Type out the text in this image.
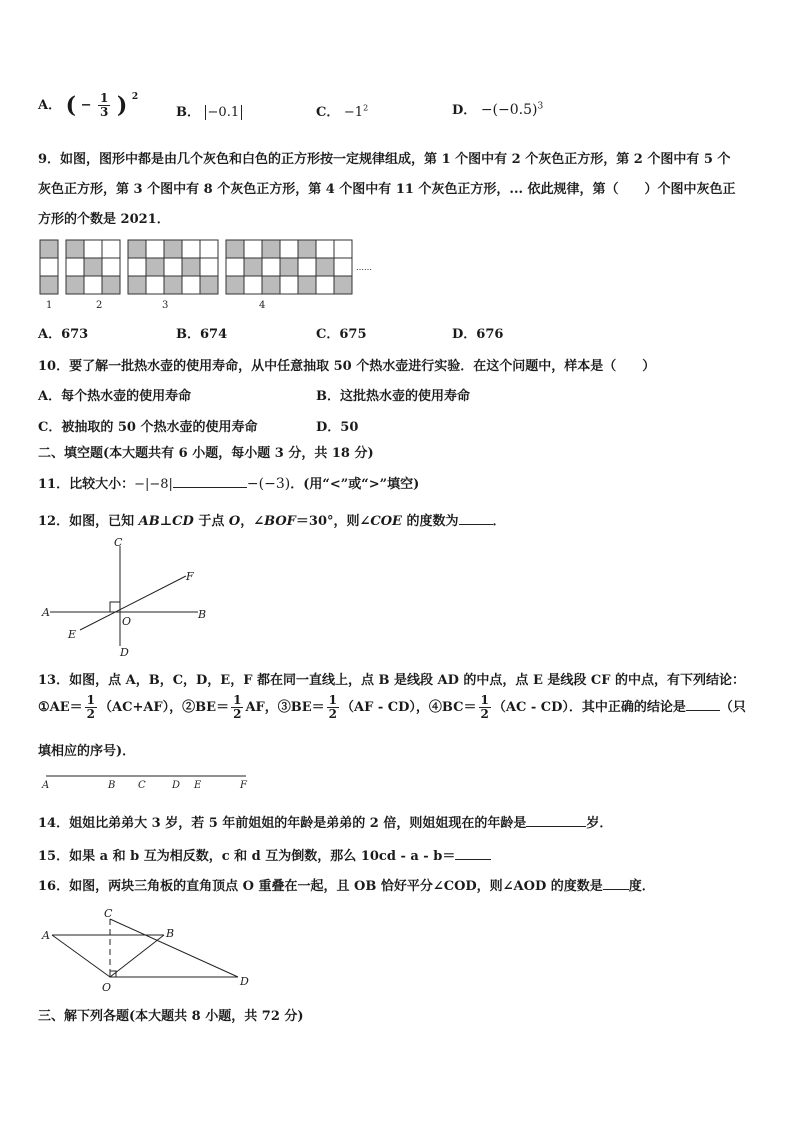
A． ( − $\frac{1}{3}$ ) $^2$
B． −0.1	C． $-1^2$	D． $-(-0.5)^3$
9．如图，图形中都是由几个灰色和白色的正方形按一定规律组成，第 1 个图中有 2 个灰色正方形，第 2 个图中有 5 个
灰色正方形，第 3 个图中有 8 个灰色正方形，第 4 个图中有 11 个灰色正方形，... 依此规律，第（　　）个图中灰色正
方形的个数是 2021．
1	2	3	4
……
A．673	B．674	C．675	D．676
10．要了解一批热水壶的使用寿命，从中任意抽取 50 个热水壶进行实验．在这个问题中，样本是（　　）
A．每个热水壶的使用寿命	B．这批热水壶的使用寿命
C．被抽取的 50 个热水壶的使用寿命	D．50
二、填空题(本大题共有 6 小题，每小题 3 分，共 18 分)
11．比较大小：−|−8|	−(−3)．(用“<”或“>”填空)
12．如图，已知 AB⊥CD 于点 O，∠BOF＝30°，则∠COE 的度数为	．
C
F
A	B
O
E
D
13．如图，点 A，B，C，D，E，F 都在同一直线上，点 B 是线段 AD 的中点，点 E 是线段 CF 的中点，有下列结论：
①AE＝ $\frac{1}{2} (AC+AF)$，②BE＝ $\frac{1}{2}$ AF，③BE＝ $\frac{1}{2} (AF - CD)$，④BC＝ $\frac{1}{2} (AC - CD)$．其中正确的结论是	（只
填相应的序号)．
A	B C	D E	F
14．姐姐比弟弟大 3 岁，若 5 年前姐姐的年龄是弟弟的 2 倍，则姐姐现在的年龄是	岁．
15．如果 a 和 b 互为相反数，c 和 d 互为倒数，那么 10cd - a - b＝
16．如图，两块三角板的直角顶点 O 重叠在一起，且 OB 恰好平分∠COD，则∠AOD 的度数是 度．
C
A	B
O	D
三、解下列各题(本大题共 8 小题，共 72 分)
